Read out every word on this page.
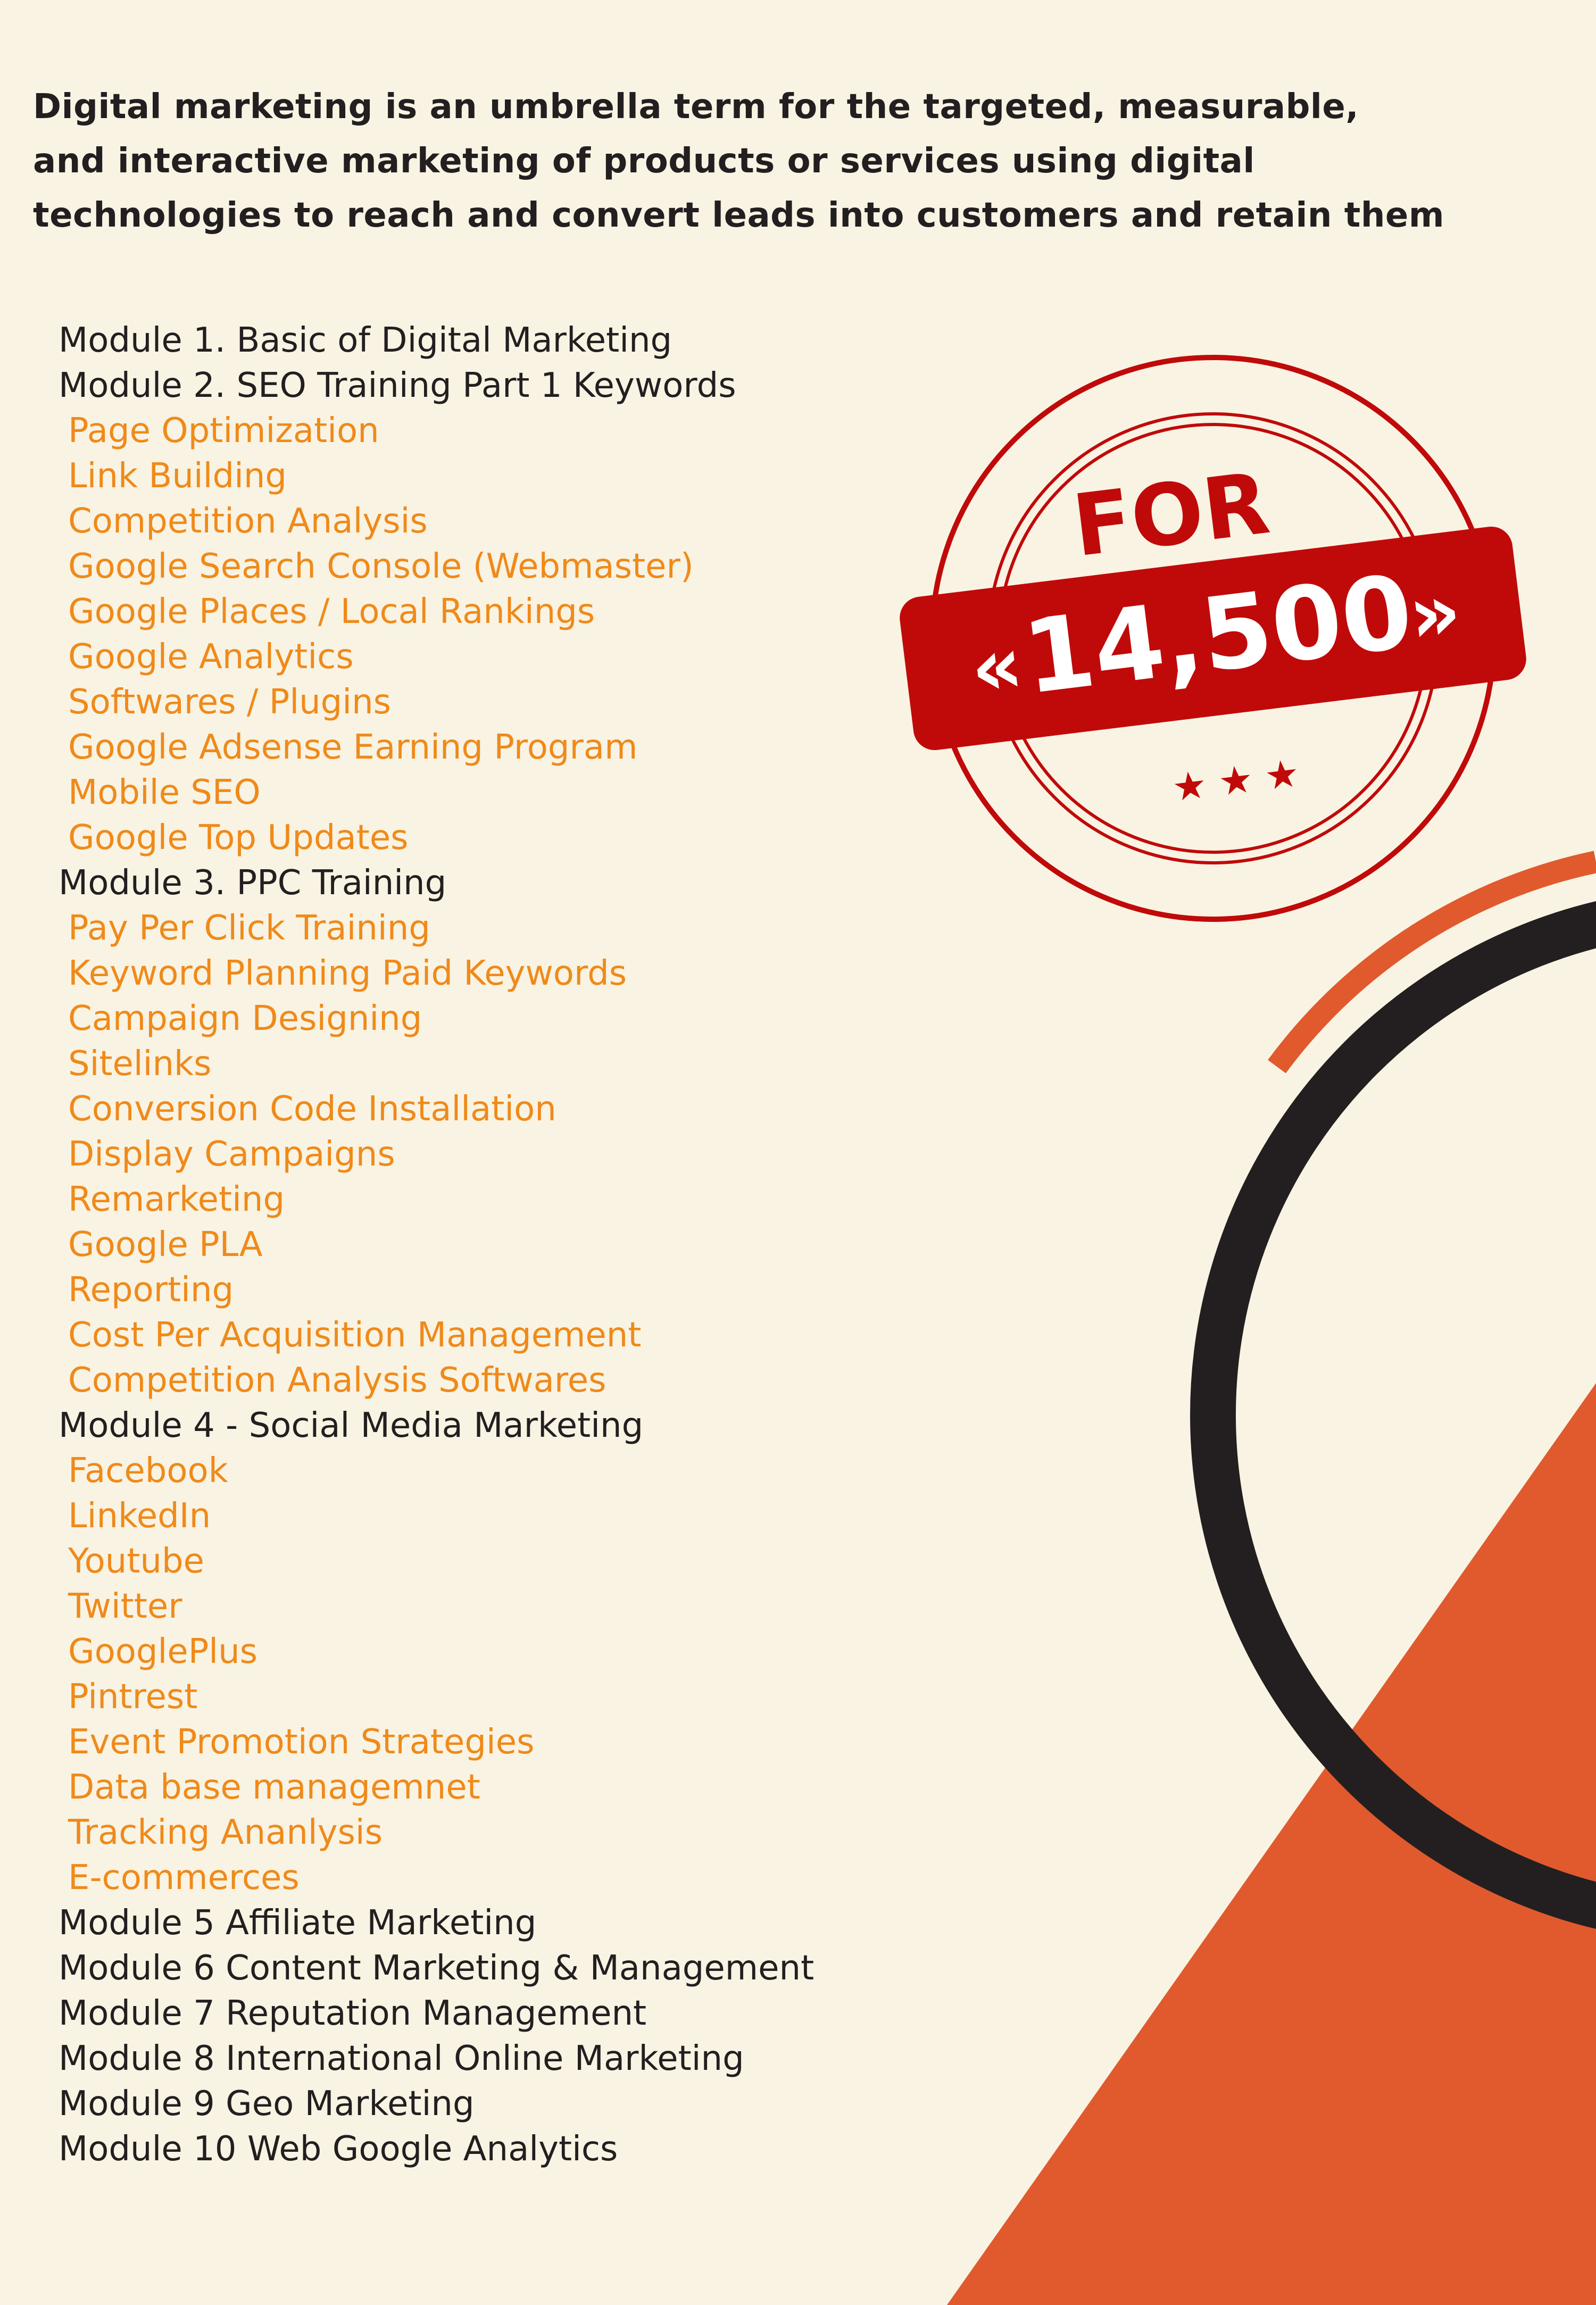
Digital marketing is an umbrella term for the targeted, measurable,
and interactive marketing of products or services using digital
technologies to reach and convert leads into customers and retain them
Module 1. Basic of Digital Marketing
Module 2. SEO Training Part 1 Keywords
Page Optimization
Link Building
Competition Analysis
Google Search Console (Webmaster)
Google Places / Local Rankings
Google Analytics
Softwares / Plugins
Google Adsense Earning Program
Mobile SEO
Google Top Updates
Module 3. PPC Training
Pay Per Click Training
Keyword Planning Paid Keywords
Campaign Designing
Sitelinks
Conversion Code Installation
Display Campaigns
Remarketing
Google PLA
Reporting
Cost Per Acquisition Management
Competition Analysis Softwares
Module 4 - Social Media Marketing
Facebook
LinkedIn
Youtube
Twitter
GooglePlus
Pintrest
Event Promotion Strategies
Data base managemnet
Tracking Ananlysis
E-commerces
Module 5 Affiliate Marketing
Module 6 Content Marketing & Management
Module 7 Reputation Management
Module 8 International Online Marketing
Module 9 Geo Marketing
Module 10 Web Google Analytics
FOR
14,500
«
»
★ ★ ★
